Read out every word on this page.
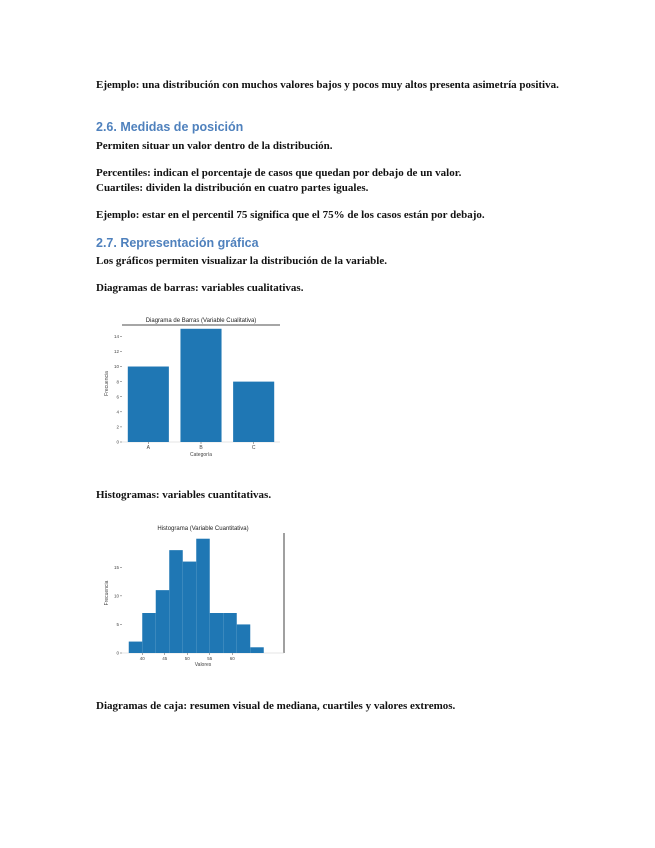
Ejemplo: una distribución con muchos valores bajos y pocos muy altos presenta asimetría positiva.

2.6. Medidas de posición

Permiten situar un valor dentro de la distribución.

Percentiles: indican el porcentaje de casos que quedan por debajo de un valor.

Cuartiles: dividen la distribución en cuatro partes iguales.

Ejemplo: estar en el percentil 75 significa que el 75% de los casos están por debajo.

2.7. Representación gráfica

Los gráficos permiten visualizar la distribución de la variable.

Diagramas de barras: variables cualitativas.

Diagrama de Barras (Variable Cualitativa)
A	B	C
0
2
4
6
8
10
12
14
Categoría
Frecuencia

Histogramas: variables cuantitativas.

Histograma (Variable Cuantitativa)
40	45	50	55	60
0
5
10
15
Valores
Frecuencia

Diagramas de caja: resumen visual de mediana, cuartiles y valores extremos.
